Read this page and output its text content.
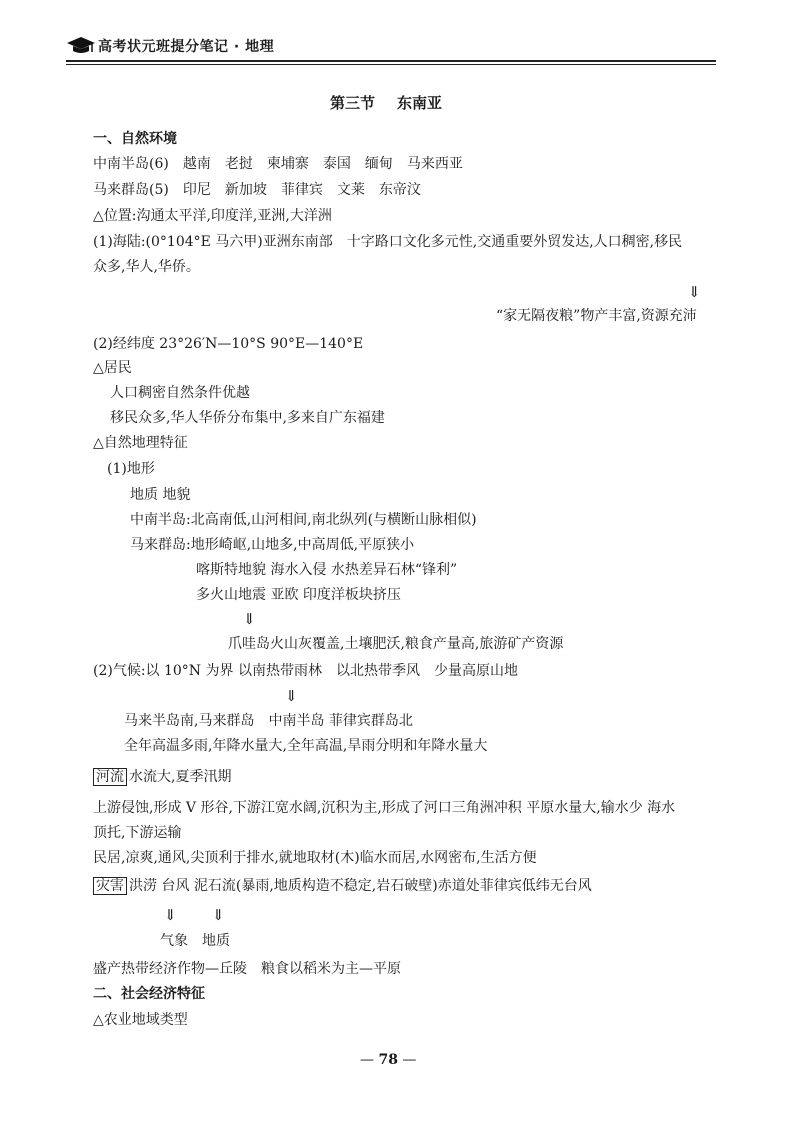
高考状元班提分笔记 · 地理
第三节 东南亚
一、自然环境
中南半岛(6)　越南　老挝　柬埔寨　泰国　缅甸　马来西亚
马来群岛(5)　印尼　新加坡　菲律宾　文莱　东帝汶
△位置:沟通太平洋,印度洋,亚洲,大洋洲
(1)海陆:(0°104°E 马六甲)亚洲东南部　十字路口文化多元性,交通重要外贸发达,人口稠密,移民
众多,华人,华侨。
⇓
“家无隔夜粮”物产丰富,资源充沛
(2)经纬度 23°26′N—10°S 90°E—140°E
△居民
人口稠密自然条件优越
移民众多,华人华侨分布集中,多来自广东福建
△自然地理特征
(1)地形
地质 地貌
中南半岛:北高南低,山河相间,南北纵列(与横断山脉相似)
马来群岛:地形崎岖,山地多,中高周低,平原狭小
喀斯特地貌 海水入侵 水热差异石林“锋利”
多火山地震 亚欧 印度洋板块挤压
⇓
爪哇岛火山灰覆盖,土壤肥沃,粮食产量高,旅游矿产资源
(2)气候:以 10°N 为界 以南热带雨林　以北热带季风　少量高原山地
⇓
马来半岛南,马来群岛　中南半岛 菲律宾群岛北
全年高温多雨,年降水量大,全年高温,旱雨分明和年降水量大
河流 水流大,夏季汛期
上游侵蚀,形成 V 形谷,下游江宽水阔,沉积为主,形成了河口三角洲冲积 平原水量大,输水少 海水
顶托,下游运输
民居,凉爽,通风,尖顶利于排水,就地取材(木)临水而居,水网密布,生活方便
灾害 洪涝 台风 泥石流(暴雨,地质构造不稳定,岩石破壁)赤道处菲律宾低纬无台风
⇓ ⇓
气象　地质
盛产热带经济作物—丘陵　粮食以稻米为主—平原
二、社会经济特征
△农业地域类型
— 78 —
